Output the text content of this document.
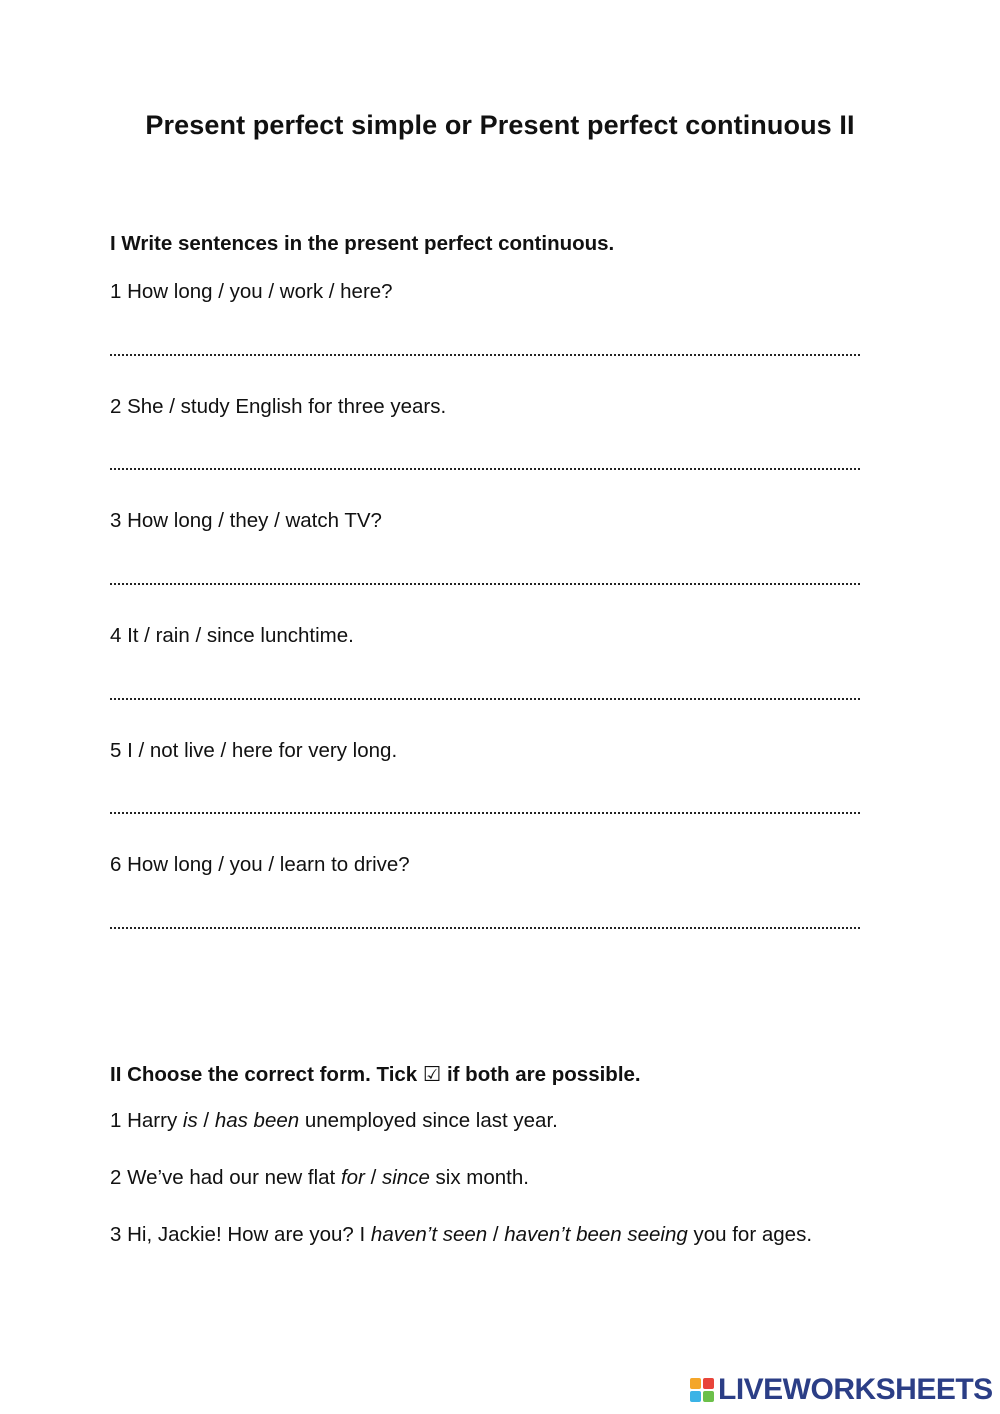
Present perfect simple or Present perfect continuous II
I Write sentences in the present perfect continuous.
1 How long / you / work / here?
2 She / study English for three years.
3 How long / they / watch TV?
4 It / rain / since lunchtime.
5 I / not live / here for very long.
6 How long / you / learn to drive?
II Choose the correct form. Tick ☑ if both are possible.
1 Harry is / has been unemployed since last year.
2 We’ve had our new flat for / since six month.
3 Hi, Jackie! How are you? I haven’t seen / haven’t been seeing you for ages.
LIVEWORKSHEETS
